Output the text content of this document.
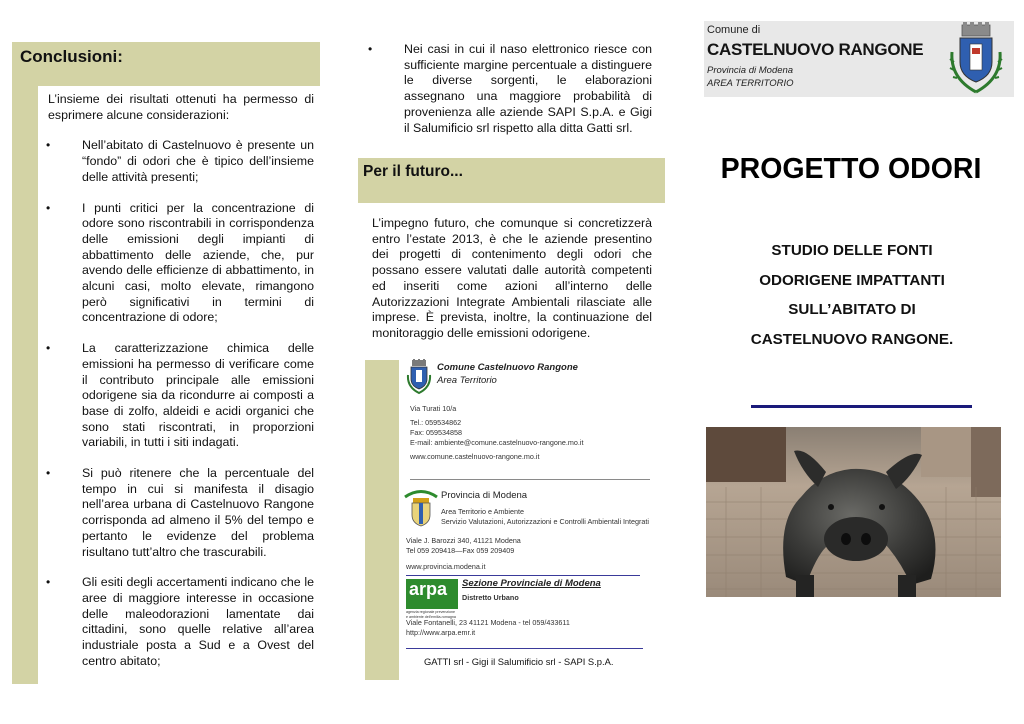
Conclusioni:

L’insieme dei risultati ottenuti ha permesso di esprimere alcune considerazioni:

•	Nell’abitato di Castelnuovo è presente un “fondo” di odori che è tipico dell’insieme delle attività presenti;
•	I punti critici per la concentrazione di odore sono riscontrabili in corrispondenza delle emissioni degli impianti di abbattimento delle aziende, che, pur avendo delle efficienze di abbattimento, in alcuni casi, molto elevate, rimangono però significativi in termini di concentrazione di odore;
•	La caratterizzazione chimica delle emissioni ha permesso di verificare come il contributo principale alle emissioni odorigene sia da ricondurre ai composti a base di zolfo, aldeidi e acidi organici che sono stati riscontrati, in proporzioni variabili, in tutti i siti indagati.
•	Si può ritenere che la percentuale del tempo in cui si manifesta il disagio nell’area urbana di Castelnuovo Rangone corrisponda ad almeno il 5% del tempo e pertanto le evidenze del problema risultano tutt’altro che trascurabili.
•	Gli esiti degli accertamenti indicano che le aree di maggiore interesse in occasione delle maleodorazioni lamentate dai cittadini, sono quelle relative all’area industriale posta a Sud e a Ovest del centro abitato;
•	Nei casi in cui il naso elettronico riesce con sufficiente margine percentuale a distinguere le diverse sorgenti, le elaborazioni assegnano una maggiore probabilità di provenienza alle aziende SAPI S.p.A. e Gigi il Salumificio srl rispetto alla ditta Gatti srl.
Per il futuro...

L’impegno futuro, che comunque si concretizzerà entro l’estate 2013, è che le aziende presentino dei progetti di contenimento degli odori che possano essere valutati dalle autorità competenti ed inseriti come azioni all’interno delle Autorizzazioni Integrate Ambientali rilasciate alle imprese. È prevista, inoltre, la continuazione del monitoraggio delle emissioni odorigene.

Comune Castelnuovo Rangone
Area Territorio
Via Turati 10/a
Tel.: 059534862
Fax: 059534858
E-mail: ambiente@comune.castelnuovo-rangone.mo.it
www.comune.castelnuovo-rangone.mo.it
Provincia di Modena
Area Territorio e Ambiente
Servizio Valutazioni, Autorizzazioni e Controlli Ambientali Integrati
Viale J. Barozzi 340, 41121 Modena
Tel 059 209418—Fax 059 209409
www.provincia.modena.it
arpa
agenzia regionale prevenzione e ambiente dell'emilia-romagna
Sezione Provinciale di Modena
Distretto Urbano
Viale Fontanelli, 23 41121 Modena - tel 059/433611
http://www.arpa.emr.it
GATTI srl - Gigi il Salumificio srl - SAPI S.p.A.
Comune di
CASTELNUOVO RANGONE
Provincia di Modena
AREA TERRITORIO
PROGETTO ODORI
STUDIO DELLE FONTI
ODORIGENE IMPATTANTI
SULL’ABITATO DI
CASTELNUOVO RANGONE.
